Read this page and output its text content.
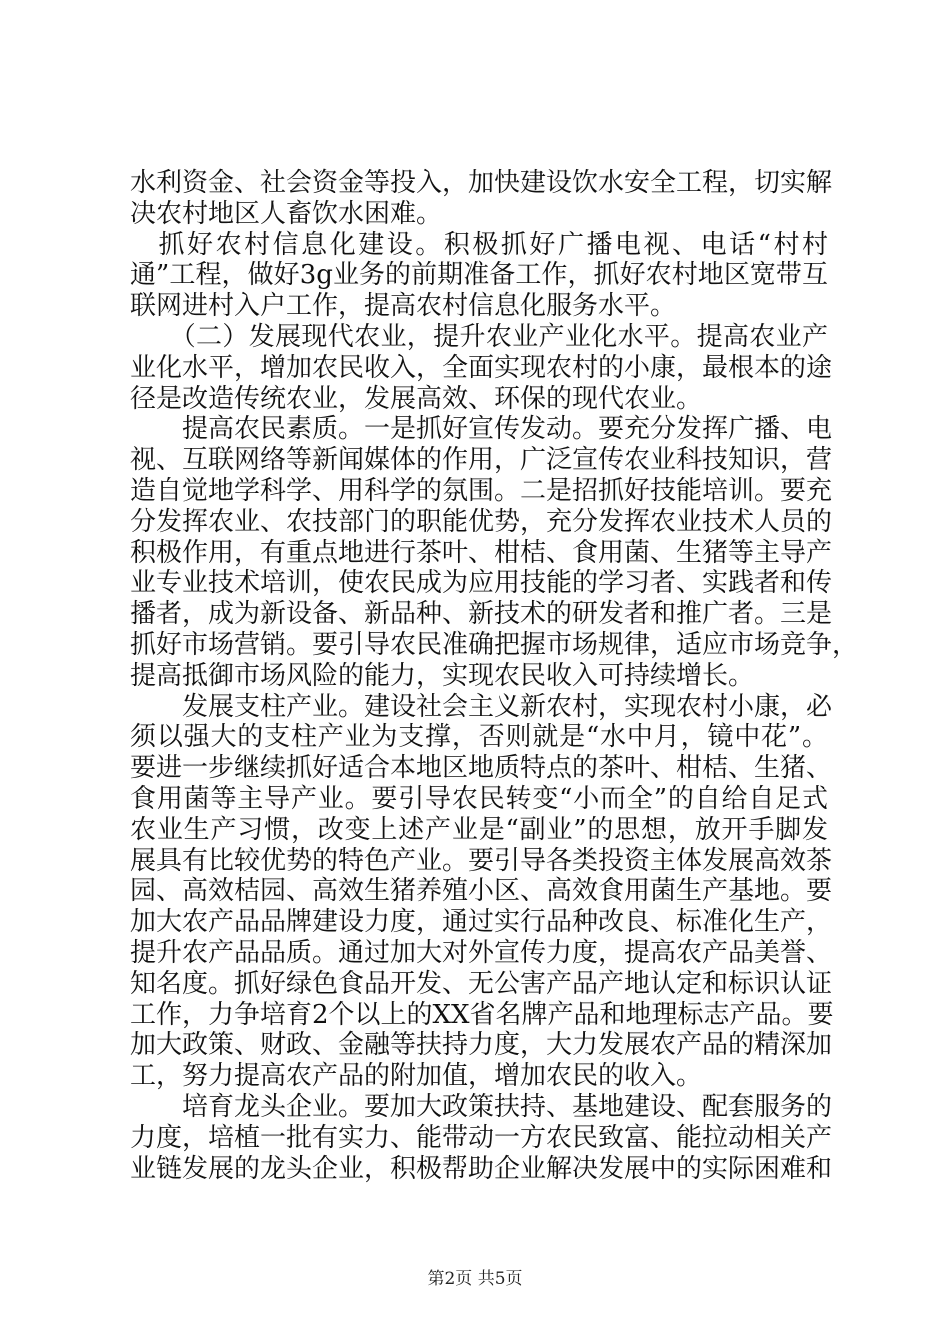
水利资金、社会资金等投入，加快建设饮水安全工程，切实解
决农村地区人畜饮水困难。
　抓好农村信息化建设。积极抓好广播电视、电话“村村
通”工程，做好3g业务的前期准备工作，抓好农村地区宽带互
联网进村入户工作，提高农村信息化服务水平。
　　（二）发展现代农业，提升农业产业化水平。提高农业产
业化水平，增加农民收入，全面实现农村的小康，最根本的途
径是改造传统农业，发展高效、环保的现代农业。
　　提高农民素质。一是抓好宣传发动。要充分发挥广播、电
视、互联网络等新闻媒体的作用，广泛宣传农业科技知识，营
造自觉地学科学、用科学的氛围。二是招抓好技能培训。要充
分发挥农业、农技部门的职能优势，充分发挥农业技术人员的
积极作用，有重点地进行茶叶、柑桔、食用菌、生猪等主导产
业专业技术培训，使农民成为应用技能的学习者、实践者和传
播者，成为新设备、新品种、新技术的研发者和推广者。三是
抓好市场营销。要引导农民准确把握市场规律，适应市场竞争，
提高抵御市场风险的能力，实现农民收入可持续增长。
　　发展支柱产业。建设社会主义新农村，实现农村小康，必
须以强大的支柱产业为支撑，否则就是“水中月，镜中花”。
要进一步继续抓好适合本地区地质特点的茶叶、柑桔、生猪、
食用菌等主导产业。要引导农民转变“小而全”的自给自足式
农业生产习惯，改变上述产业是“副业”的思想，放开手脚发
展具有比较优势的特色产业。要引导各类投资主体发展高效茶
园、高效桔园、高效生猪养殖小区、高效食用菌生产基地。要
加大农产品品牌建设力度，通过实行品种改良、标准化生产，
提升农产品品质。通过加大对外宣传力度，提高农产品美誉、
知名度。抓好绿色食品开发、无公害产品产地认定和标识认证
工作，力争培育2个以上的XX省名牌产品和地理标志产品。要
加大政策、财政、金融等扶持力度，大力发展农产品的精深加
工，努力提高农产品的附加值，增加农民的收入。
　　培育龙头企业。要加大政策扶持、基地建设、配套服务的
力度，培植一批有实力、能带动一方农民致富、能拉动相关产
业链发展的龙头企业，积极帮助企业解决发展中的实际困难和
第2页 共5页
